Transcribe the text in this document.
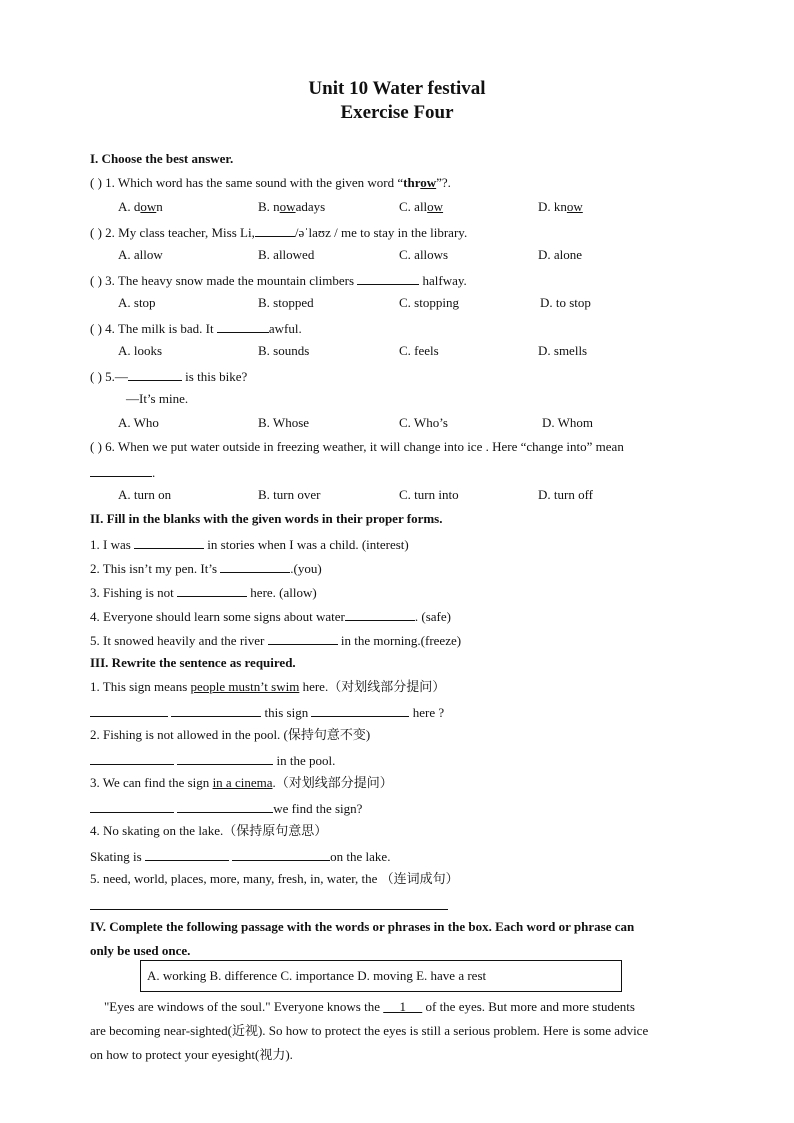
Unit 10 Water festival
Exercise Four
I. Choose the best answer.
( ) 1. Which word has the same sound with the given word “throw”?.
A. down	B. nowadays	C. allow	D. know
( ) 2. My class teacher, Miss Li,	/əˈlaʊz / me to stay in the library.
A. allow	B. allowed	C. allows	D. alone
( ) 3. The heavy snow made the mountain climbers	halfway.
A. stop	B. stopped	C. stopping	D. to stop
( ) 4. The milk is bad. It	awful.
A. looks	B. sounds	C. feels	D. smells
( ) 5.—	is this bike?
—It’s mine.
A. Who	B. Whose	C. Who’s	D. Whom
( ) 6. When we put water outside in freezing weather, it will change into ice . Here “change into” mean
.
A. turn on	B. turn over	C. turn into	D. turn off
II. Fill in the blanks with the given words in their proper forms.
1. I was	in stories when I was a child. (interest)
2. This isn’t my pen. It’s	.(you)
3. Fishing is not	here. (allow)
4. Everyone should learn some signs about water	. (safe)
5. It snowed heavily and the river	in the morning.(freeze)
III. Rewrite the sentence as required.
1. This sign means people mustn’t swim here.（对划线部分提问）
this sign	here ?
2. Fishing is not allowed in the pool. (保持句意不变)
in the pool.
3. We can find the sign in a cinema.（对划线部分提问）
we find the sign?
4. No skating on the lake.（保持原句意思）
Skating is	on the lake.
5. need, world, places, more, many, fresh, in, water, the （连词成句）
IV. Complete the following passage with the words or phrases in the box. Each word or phrase can
only be used once.
A. working B. difference C. importance D. moving E. have a rest
"Eyes are windows of the soul." Everyone knows the      1      of the eyes. But more and more students
are becoming near-sighted(近视). So how to protect the eyes is still a serious problem. Here is some advice
on how to protect your eyesight(视力).
